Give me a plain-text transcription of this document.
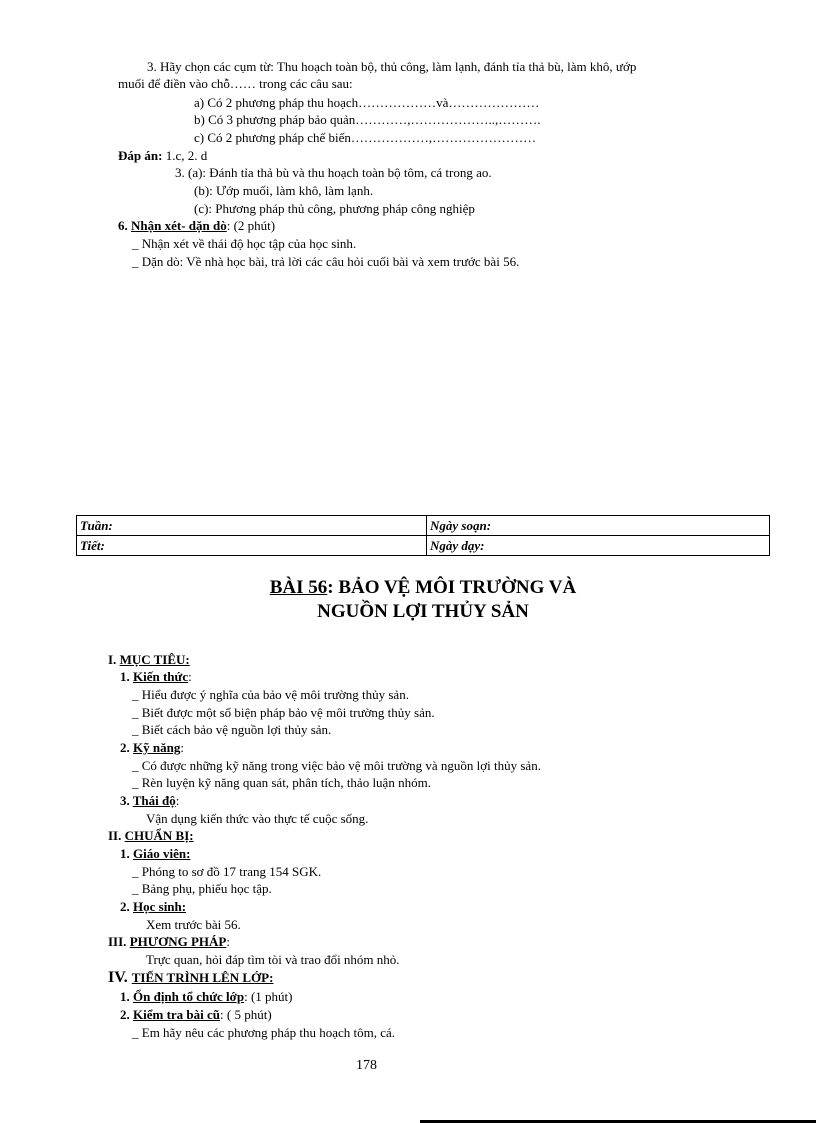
3. Hãy chọn các cụm từ: Thu hoạch toàn bộ, thủ công, làm lạnh, đánh tỉa thả bù, làm khô, ướp
muối để điền vào chỗ…… trong các câu sau:
a) Có 2 phương pháp thu hoạch………………và…………………
b) Có 3 phương pháp bảo quản…………,………………..,……….
c) Có 2 phương pháp chế biến………………,……………………
Đáp án: 1.c, 2. d
3. (a): Đánh tỉa thả bù và thu hoạch toàn bộ tôm, cá trong ao.
(b): Ướp muối, làm khô, làm lạnh.
(c): Phương pháp thủ công, phương pháp công nghiệp
6. Nhận xét- dặn dò: (2 phút)
_ Nhận xét về thái độ học tập của học sinh.
_ Dặn dò: Về nhà học bài, trả lời các câu hỏi cuối bài và xem trước bài 56.
Tuần:	Ngày soạn:
Tiết:	Ngày dạy:
BÀI 56: BẢO VỆ MÔI TRƯỜNG VÀ
NGUỒN LỢI THỦY SẢN
I. MỤC TIÊU:
1. Kiến thức:
_ Hiểu được ý nghĩa của bảo vệ môi trường thủy sản.
_ Biết được một số biện pháp bảo vệ môi trường thủy sản.
_ Biết cách bảo vệ nguồn lợi thủy sản.
2. Kỹ năng:
_ Có được những kỹ năng trong việc bảo vệ môi trường và nguồn lợi thủy sản.
_ Rèn luyện kỹ năng quan sát, phân tích, thảo luận nhóm.
3. Thái độ:
Vận dụng kiến thức vào thực tế cuộc sống.
II. CHUẨN BỊ:
1. Giáo viên:
_ Phóng to sơ đồ 17 trang 154 SGK.
_ Bảng phụ, phiếu học tập.
2. Học sinh:
Xem trước bài 56.
III. PHƯƠNG PHÁP:
Trực quan, hỏi đáp tìm tòi và trao đổi nhóm nhỏ.
IV. TIẾN TRÌNH LÊN LỚP:
1. Ổn định tổ chức lớp: (1 phút)
2. Kiểm tra bài cũ: ( 5 phút)
_ Em hãy nêu các phương pháp thu hoạch tôm, cá.
178
